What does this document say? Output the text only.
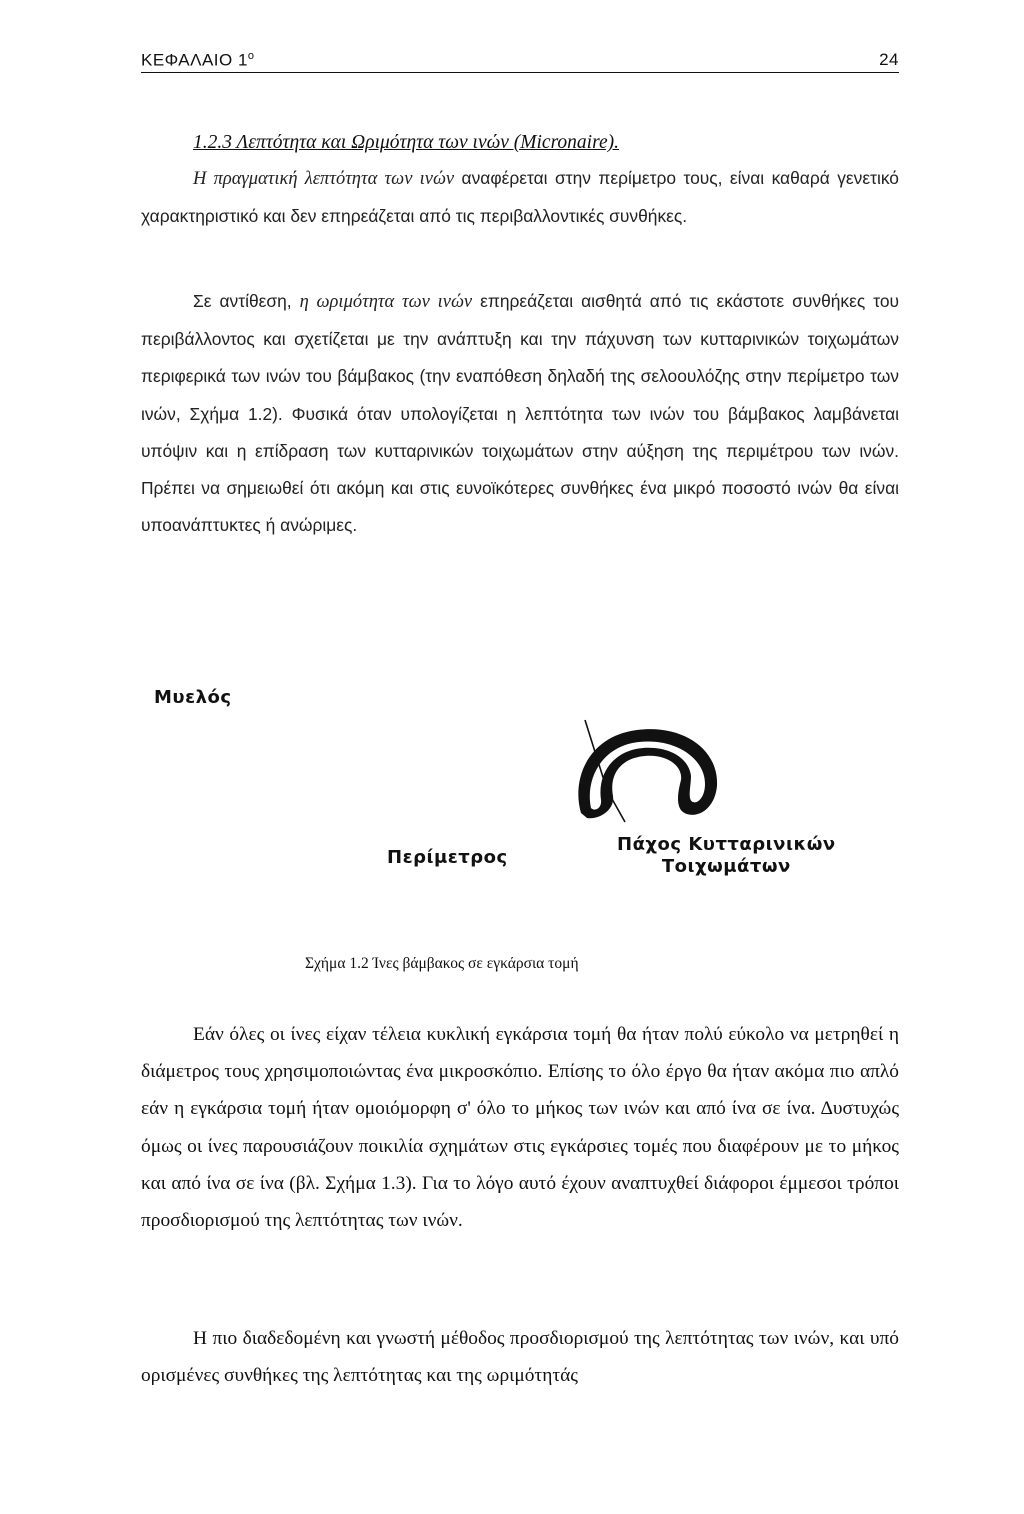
ΚΕΦΑΛΑΙΟ $1^o$	24
1.2.3 Λεπτότητα και Ωριμότητα των ινών (Micronaire).

Η πραγματική λεπτότητα των ινών αναφέρεται στην περίμετρο τους, είναι καθαρά γενετικό χαρακτηριστικό και δεν επηρεάζεται από τις περιβαλλοντικές συνθήκες.

Σε αντίθεση, η ωριμότητα των ινών επηρεάζεται αισθητά από τις εκάστοτε συνθήκες του περιβάλλοντος και σχετίζεται με την ανάπτυξη και την πάχυνση των κυτταρινικών τοιχωμάτων περιφερικά των ινών του βάμβακος (την εναπόθεση δηλαδή της σελοουλόζης στην περίμετρο των ινών, Σχήμα 1.2). Φυσικά όταν υπολογίζεται η λεπτότητα των ινών του βάμβακος λαμβάνεται υπόψιν και η επίδραση των κυτταρινικών τοιχωμάτων στην αύξηση της περιμέτρου των ινών. Πρέπει να σημειωθεί ότι ακόμη και στις ευνοϊκότερες συνθήκες ένα μικρό ποσοστό ινών θα είναι υποανάπτυκτες ή ανώριμες.

Μυελός
Περίμετρος
Πάχος Κυτταρινικών
Τοιχωμάτων
Σχήμα 1.2 Ίνες βάμβακος σε εγκάρσια τομή

Εάν όλες οι ίνες είχαν τέλεια κυκλική εγκάρσια τομή θα ήταν πολύ εύκολο να μετρηθεί η διάμετρος τους χρησιμοποιώντας ένα μικροσκόπιο. Επίσης το όλο έργο θα ήταν ακόμα πιο απλό εάν η εγκάρσια τομή ήταν ομοιόμορφη σ' όλο το μήκος των ινών και από ίνα σε ίνα. Δυστυχώς όμως οι ίνες παρουσιάζουν ποικιλία σχημάτων στις εγκάρσιες τομές που διαφέρουν με το μήκος και από ίνα σε ίνα (βλ. Σχήμα 1.3). Για το λόγο αυτό έχουν αναπτυχθεί διάφοροι έμμεσοι τρόποι προσδιορισμού της λεπτότητας των ινών.

Η πιο διαδεδομένη και γνωστή μέθοδος προσδιορισμού της λεπτότητας των ινών, και υπό ορισμένες συνθήκες της λεπτότητας και της ωριμότητάς
